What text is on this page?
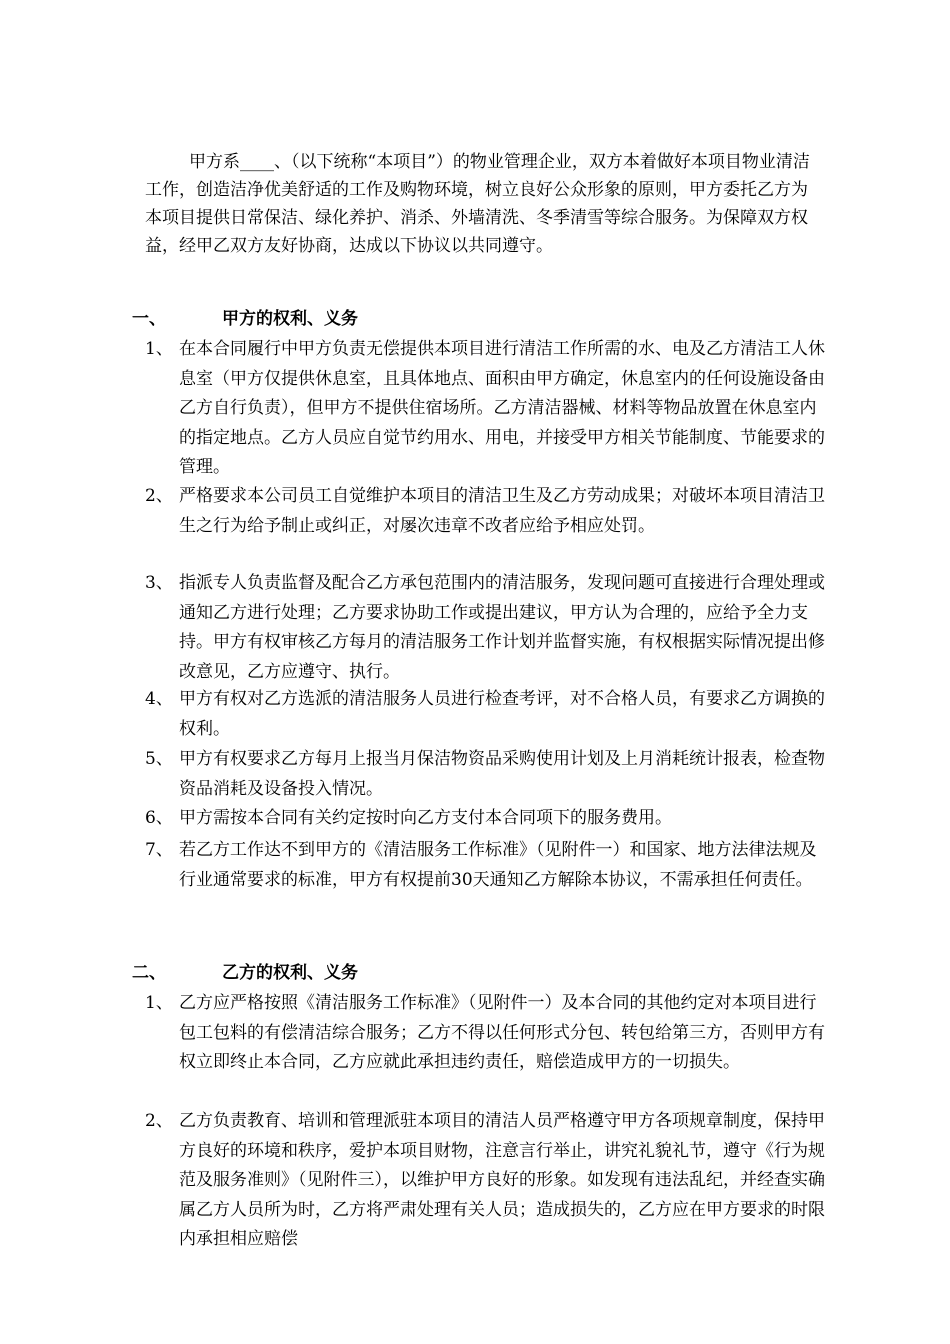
甲方系____、（以下统称“本项目”）的物业管理企业，双方本着做好本项目物业清洁工作，创造洁净优美舒适的工作及购物环境，树立良好公众形象的原则，甲方委托乙方为本项目提供日常保洁、绿化养护、消杀、外墙清洗、冬季清雪等综合服务。为保障双方权益，经甲乙双方友好协商，达成以下协议以共同遵守。

一、	甲方的权利、义务
1、 在本合同履行中甲方负责无偿提供本项目进行清洁工作所需的水、电及乙方清洁工人休息室（甲方仅提供休息室，且具体地点、面积由甲方确定，休息室内的任何设施设备由乙方自行负责），但甲方不提供住宿场所。乙方清洁器械、材料等物品放置在休息室内的指定地点。乙方人员应自觉节约用水、用电，并接受甲方相关节能制度、节能要求的管理。
2、 严格要求本公司员工自觉维护本项目的清洁卫生及乙方劳动成果；对破坏本项目清洁卫生之行为给予制止或纠正，对屡次违章不改者应给予相应处罚。
3、 指派专人负责监督及配合乙方承包范围内的清洁服务，发现问题可直接进行合理处理或通知乙方进行处理；乙方要求协助工作或提出建议，甲方认为合理的，应给予全力支持。甲方有权审核乙方每月的清洁服务工作计划并监督实施，有权根据实际情况提出修改意见，乙方应遵守、执行。
4、 甲方有权对乙方选派的清洁服务人员进行检查考评，对不合格人员，有要求乙方调换的权利。
5、 甲方有权要求乙方每月上报当月保洁物资品采购使用计划及上月消耗统计报表，检查物资品消耗及设备投入情况。
6、 甲方需按本合同有关约定按时向乙方支付本合同项下的服务费用。
7、 若乙方工作达不到甲方的《清洁服务工作标准》（见附件一）和国家、地方法律法规及行业通常要求的标准，甲方有权提前30天通知乙方解除本协议，不需承担任何责任。
二、	乙方的权利、义务
1、 乙方应严格按照《清洁服务工作标准》（见附件一）及本合同的其他约定对本项目进行包工包料的有偿清洁综合服务；乙方不得以任何形式分包、转包给第三方，否则甲方有权立即终止本合同，乙方应就此承担违约责任，赔偿造成甲方的一切损失。
2、 乙方负责教育、培训和管理派驻本项目的清洁人员严格遵守甲方各项规章制度，保持甲方良好的环境和秩序，爱护本项目财物，注意言行举止，讲究礼貌礼节，遵守《行为规范及服务准则》（见附件三），以维护甲方良好的形象。如发现有违法乱纪，并经查实确属乙方人员所为时，乙方将严肃处理有关人员；造成损失的，乙方应在甲方要求的时限内承担相应赔偿
